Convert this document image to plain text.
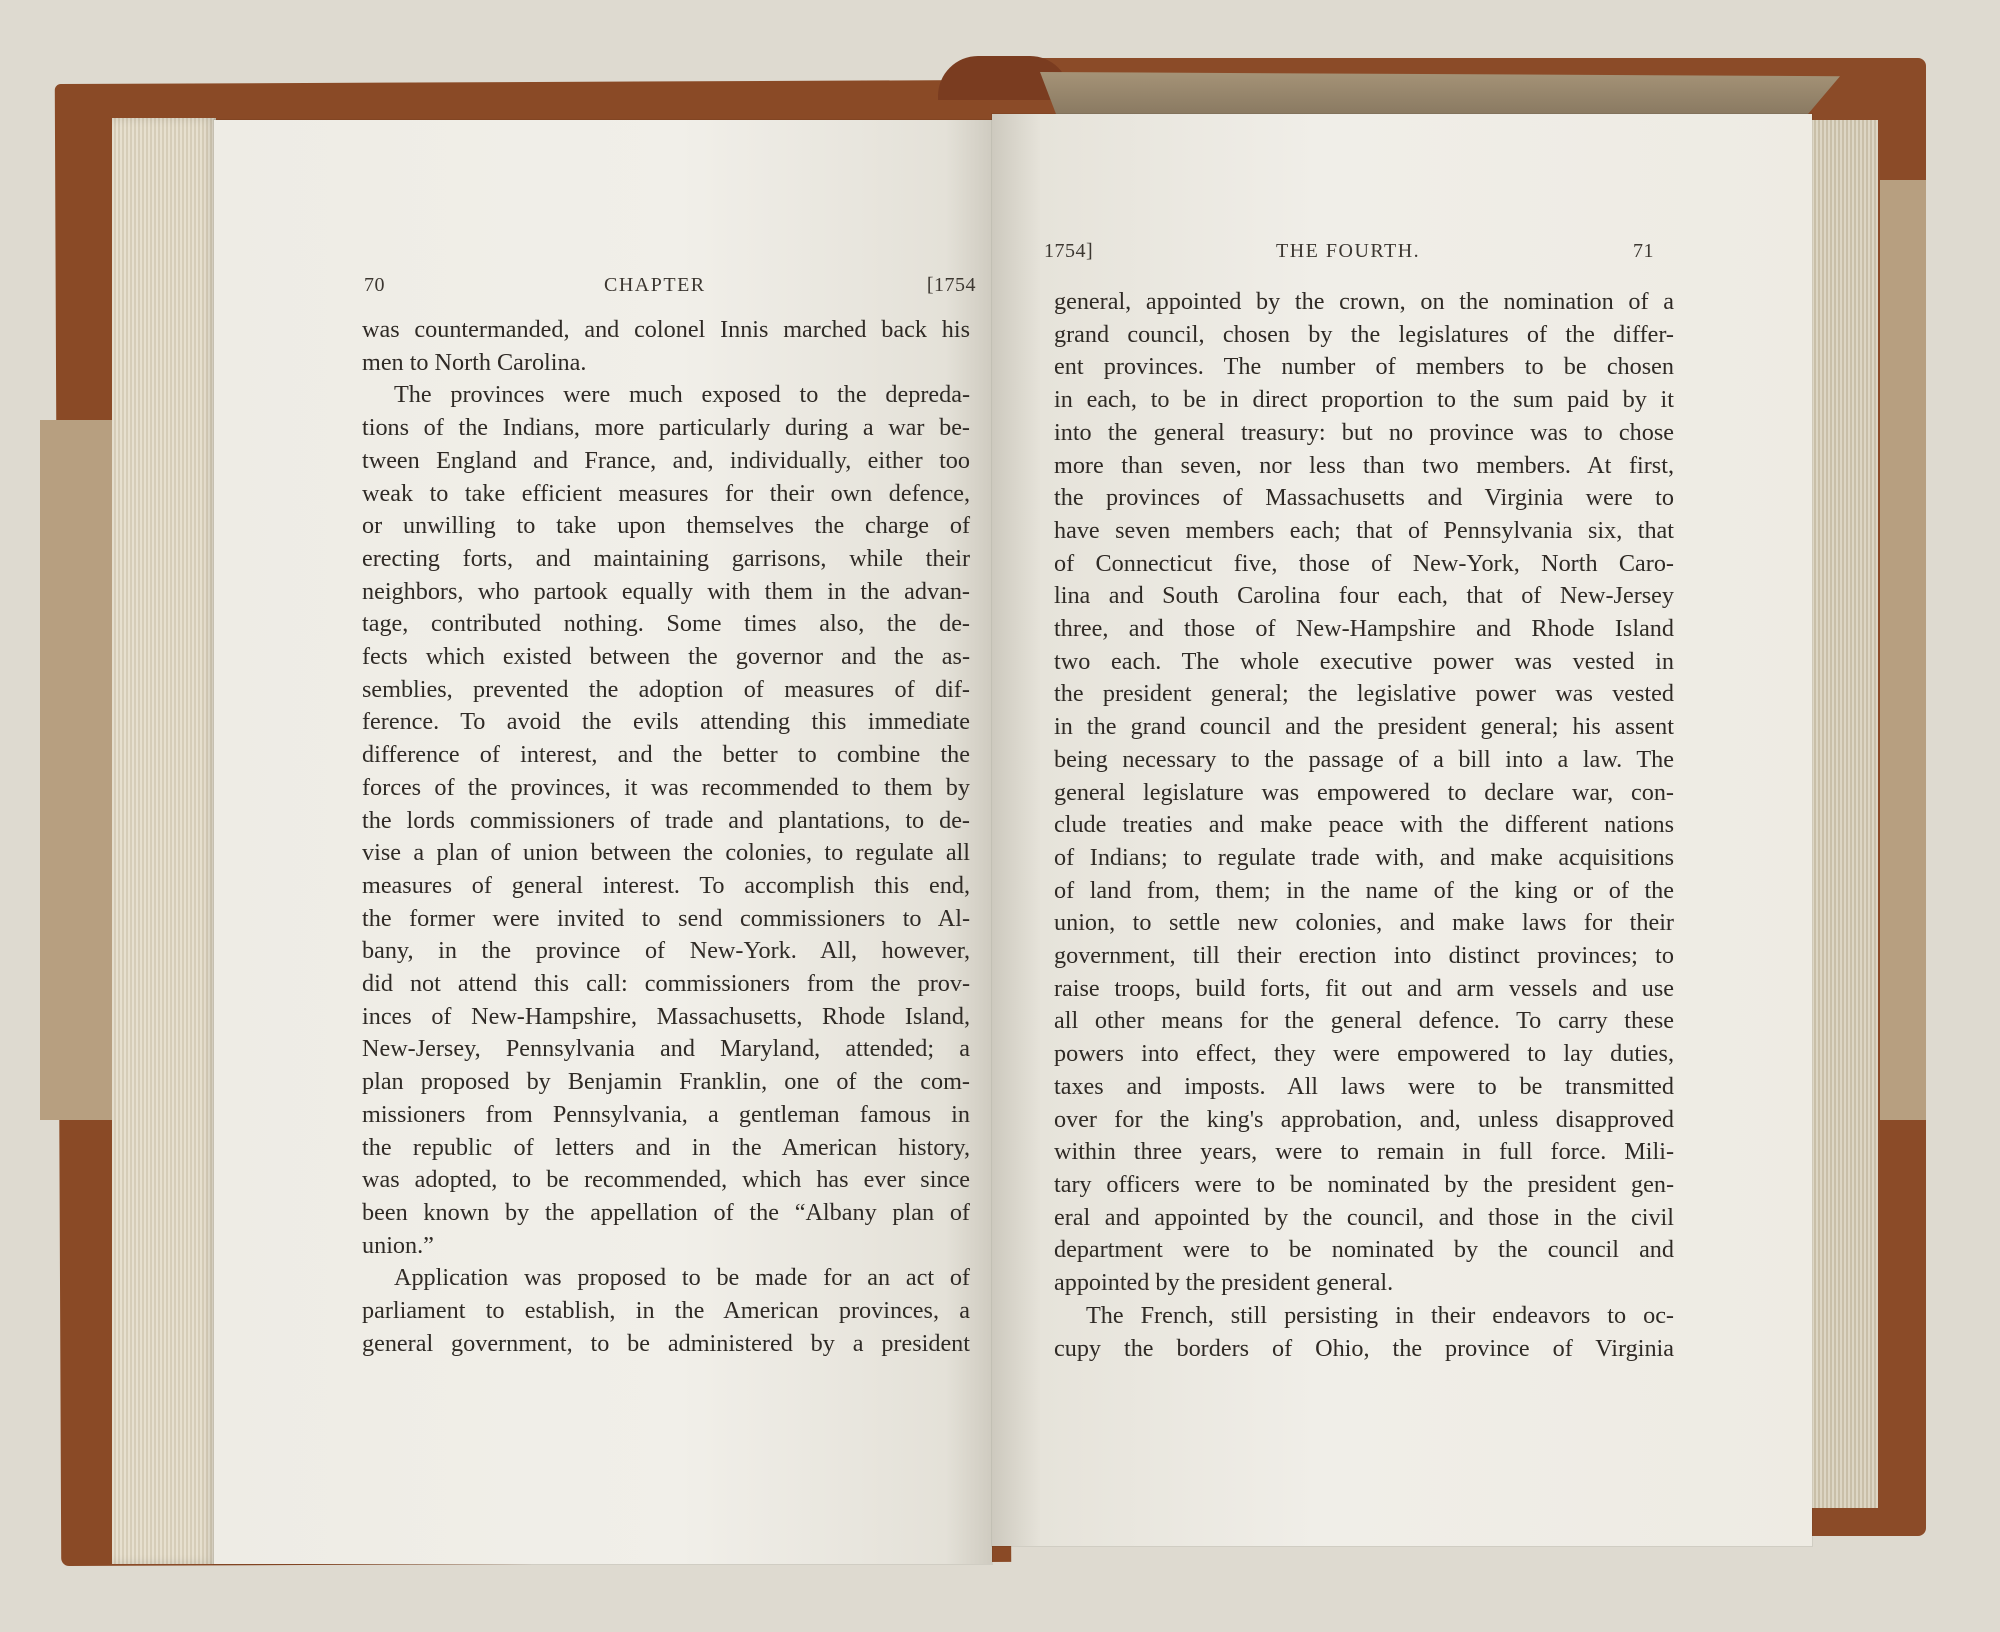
70	CHAPTER	[1754
1754]	THE FOURTH.	71
was countermanded, and colonel Innis marched back his
men to North Carolina.
The provinces were much exposed to the depreda-
tions of the Indians, more particularly during a war be-
tween England and France, and, individually, either too
weak to take efficient measures for their own defence,
or unwilling to take upon themselves the charge of
erecting forts, and maintaining garrisons, while their
neighbors, who partook equally with them in the advan-
tage, contributed nothing. Some times also, the de-
fects which existed between the governor and the as-
semblies, prevented the adoption of measures of dif-
ference. To avoid the evils attending this immediate
difference of interest, and the better to combine the
forces of the provinces, it was recommended to them by
the lords commissioners of trade and plantations, to de-
vise a plan of union between the colonies, to regulate all
measures of general interest. To accomplish this end,
the former were invited to send commissioners to Al-
bany, in the province of New-York. All, however,
did not attend this call: commissioners from the prov-
inces of New-Hampshire, Massachusetts, Rhode Island,
New-Jersey, Pennsylvania and Maryland, attended; a
plan proposed by Benjamin Franklin, one of the com-
missioners from Pennsylvania, a gentleman famous in
the republic of letters and in the American history,
was adopted, to be recommended, which has ever since
been known by the appellation of the “Albany plan of
union.”
Application was proposed to be made for an act of
parliament to establish, in the American provinces, a
general government, to be administered by a president
general, appointed by the crown, on the nomination of a
grand council, chosen by the legislatures of the differ-
ent provinces. The number of members to be chosen
in each, to be in direct proportion to the sum paid by it
into the general treasury: but no province was to chose
more than seven, nor less than two members. At first,
the provinces of Massachusetts and Virginia were to
have seven members each; that of Pennsylvania six, that
of Connecticut five, those of New-York, North Caro-
lina and South Carolina four each, that of New-Jersey
three, and those of New-Hampshire and Rhode Island
two each. The whole executive power was vested in
the president general; the legislative power was vested
in the grand council and the president general; his assent
being necessary to the passage of a bill into a law. The
general legislature was empowered to declare war, con-
clude treaties and make peace with the different nations
of Indians; to regulate trade with, and make acquisitions
of land from, them; in the name of the king or of the
union, to settle new colonies, and make laws for their
government, till their erection into distinct provinces; to
raise troops, build forts, fit out and arm vessels and use
all other means for the general defence. To carry these
powers into effect, they were empowered to lay duties,
taxes and imposts. All laws were to be transmitted
over for the king's approbation, and, unless disapproved
within three years, were to remain in full force. Mili-
tary officers were to be nominated by the president gen-
eral and appointed by the council, and those in the civil
department were to be nominated by the council and
appointed by the president general.
The French, still persisting in their endeavors to oc-
cupy the borders of Ohio, the province of Virginia
